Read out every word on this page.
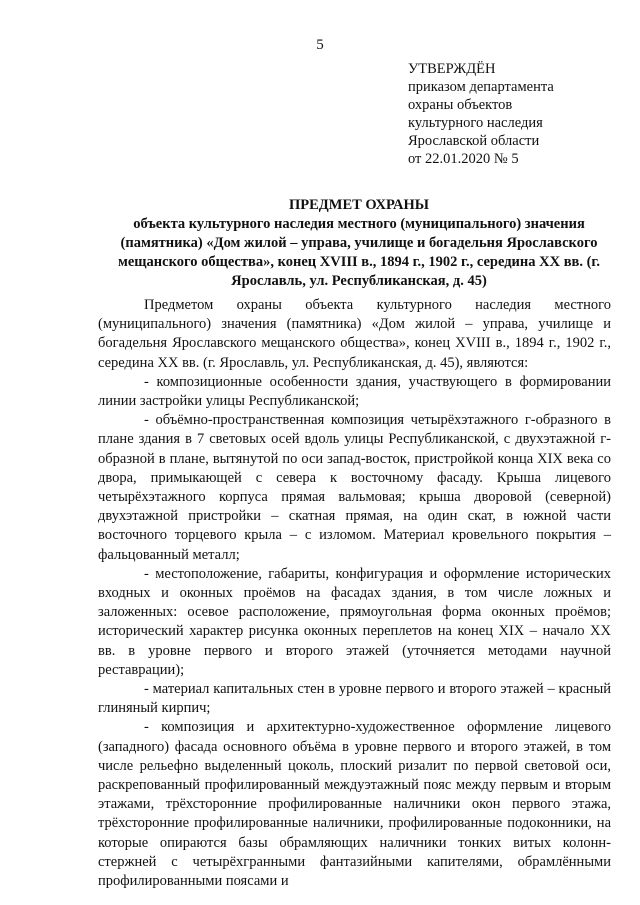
5
УТВЕРЖДЁН
приказом департамента
охраны объектов
культурного наследия
Ярославской области
от 22.01.2020 № 5
ПРЕДМЕТ ОХРАНЫ
объекта культурного наследия местного (муниципального) значения (памятника) «Дом жилой – управа, училище и богадельня Ярославского мещанского общества», конец XVIII в., 1894 г., 1902 г., середина XX вв. (г. Ярославль, ул. Республиканская, д. 45)

Предметом охраны объекта культурного наследия местного (муниципального) значения (памятника) «Дом жилой – управа, училище и богадельня Ярославского мещанского общества», конец XVIII в., 1894 г., 1902 г., середина XX вв. (г. Ярославль, ул. Республиканская, д. 45), являются:

- композиционные особенности здания, участвующего в формировании линии застройки улицы Республиканской;

- объёмно-пространственная композиция четырёхэтажного г-образного в плане здания в 7 световых осей вдоль улицы Республиканской, с двухэтажной г-образной в плане, вытянутой по оси запад-восток, пристройкой конца XIX века со двора, примыкающей с севера к восточному фасаду. Крыша лицевого четырёхэтажного корпуса прямая вальмовая; крыша дворовой (северной) двухэтажной пристройки – скатная прямая, на один скат, в южной части восточного торцевого крыла – с изломом. Материал кровельного покрытия – фальцованный металл;

- местоположение, габариты, конфигурация и оформление исторических входных и оконных проёмов на фасадах здания, в том числе ложных и заложенных: осевое расположение, прямоугольная форма оконных проёмов; исторический характер рисунка оконных переплетов на конец XIX – начало XX вв. в уровне первого и второго этажей (уточняется методами научной реставрации);

- материал капитальных стен в уровне первого и второго этажей – красный глиняный кирпич;

- композиция и архитектурно-художественное оформление лицевого (западного) фасада основного объёма в уровне первого и второго этажей, в том числе рельефно выделенный цоколь, плоский ризалит по первой световой оси, раскрепованный профилированный междуэтажный пояс между первым и вторым этажами, трёхсторонние профилированные наличники окон первого этажа, трёхсторонние профилированные наличники, профилированные подоконники, на которые опираются базы обрамляющих наличники тонких витых колонн-стержней с четырёхгранными фантазийными капителями, обрамлёнными профилированными поясами и
